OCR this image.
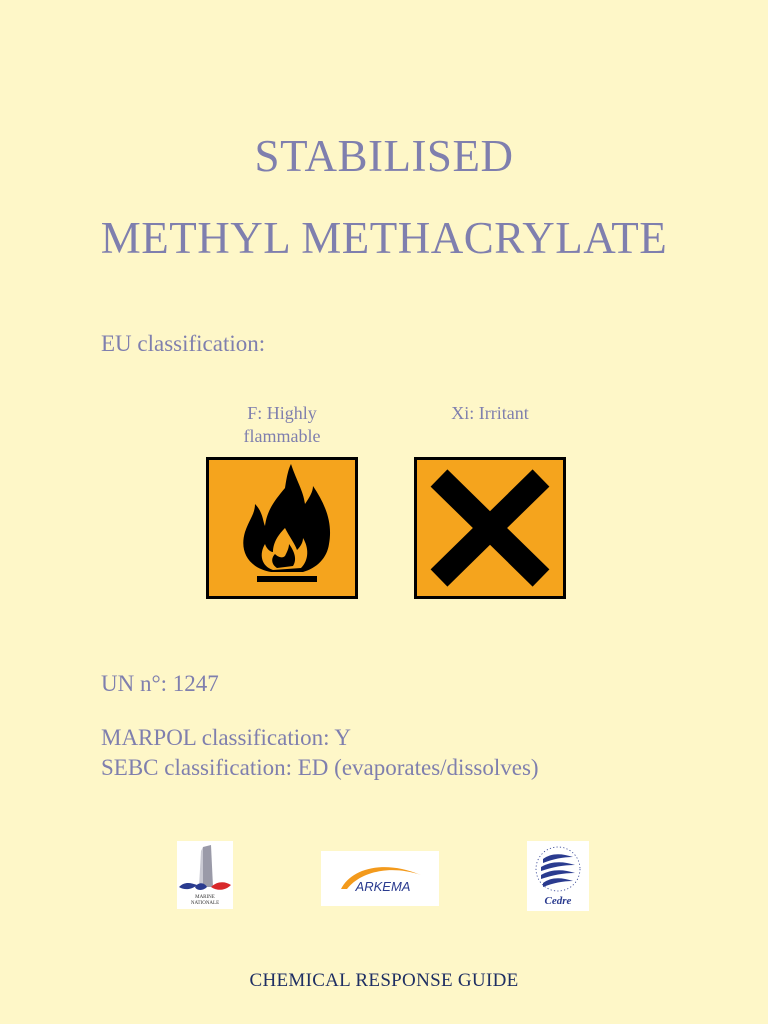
STABILISED
METHYL METHACRYLATE

EU classification:

F: Highly
flammable
Xi: Irritant

UN n°: 1247

MARPOL classification: Y

SEBC classification: ED (evaporates/dissolves)

MARINE
NATIONALE
ARKEMA
Cedre

CHEMICAL RESPONSE GUIDE
